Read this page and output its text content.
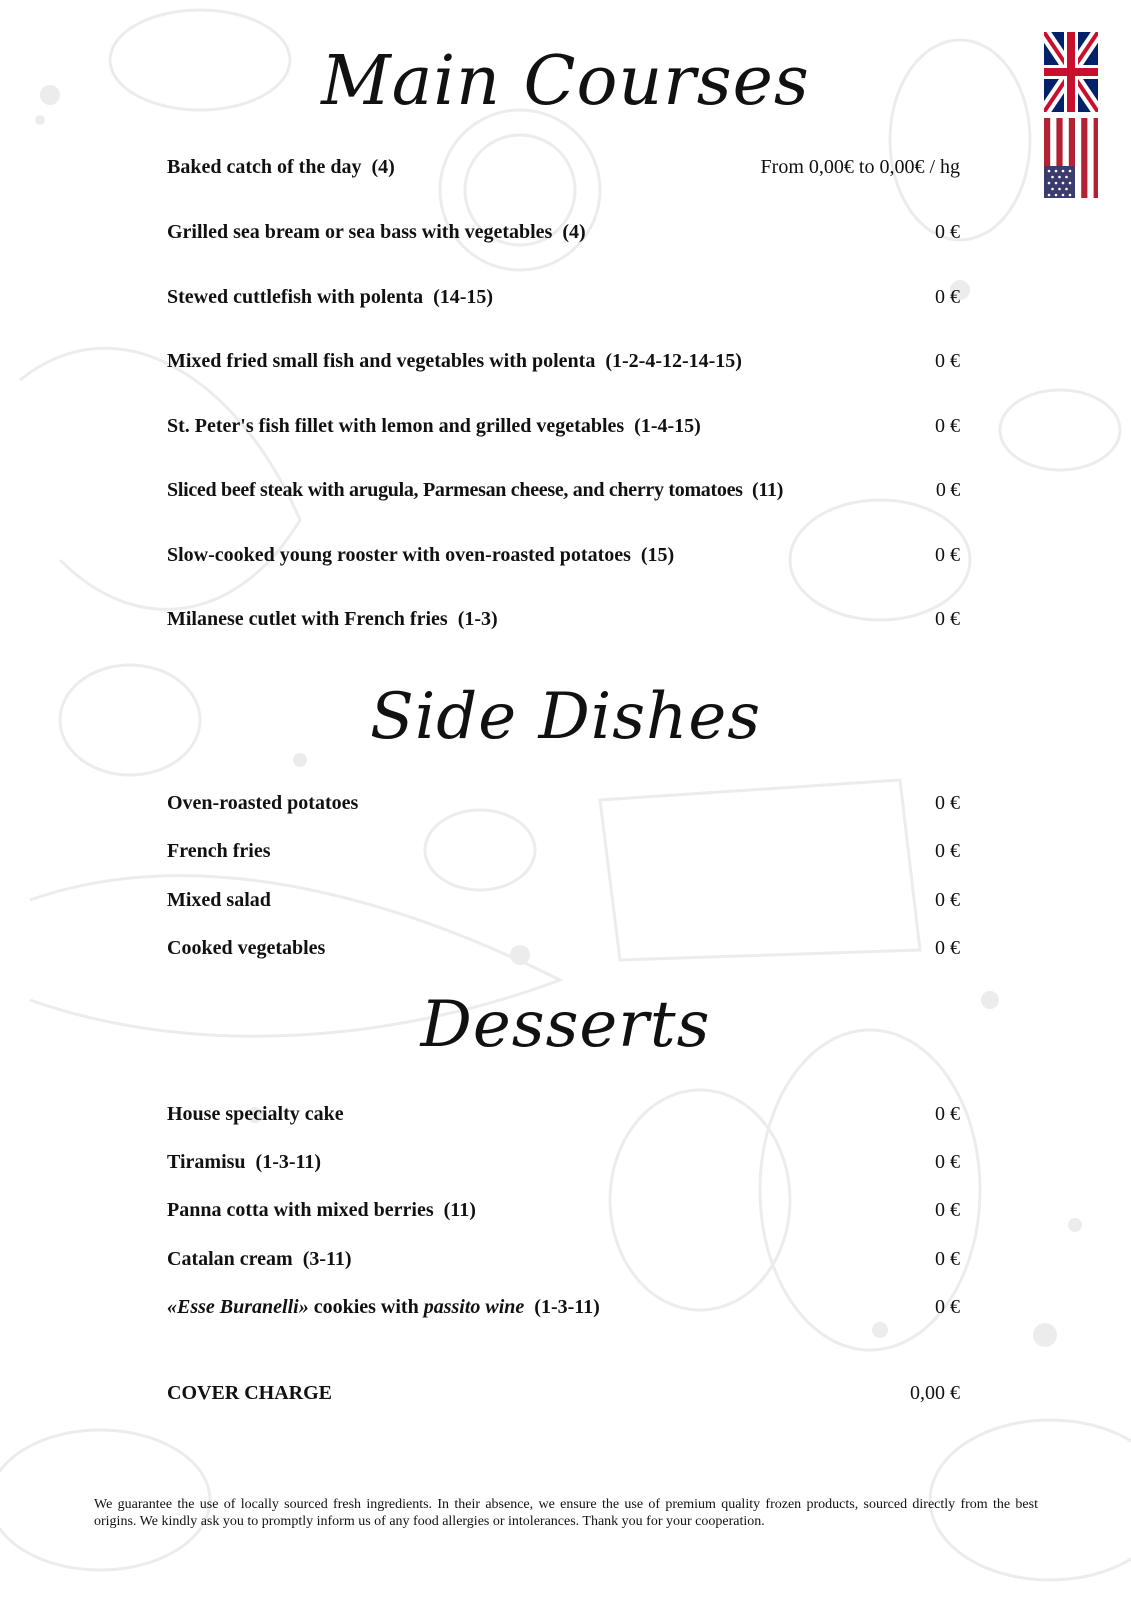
Main Courses
Baked catch of the day (4)	From 0,00€ to 0,00€ / hg
Grilled sea bream or sea bass with vegetables (4)	0 €
Stewed cuttlefish with polenta (14-15)	0 €
Mixed fried small fish and vegetables with polenta (1-2-4-12-14-15)	0 €
St. Peter's fish fillet with lemon and grilled vegetables (1-4-15)	0 €
Sliced beef steak with arugula, Parmesan cheese, and cherry tomatoes (11)	0 €
Slow-cooked young rooster with oven-roasted potatoes (15)	0 €
Milanese cutlet with French fries (1-3)	0 €
Side Dishes
Oven-roasted potatoes	0 €
French fries	0 €
Mixed salad	0 €
Cooked vegetables	0 €
Desserts
House specialty cake	0 €
Tiramisu (1-3-11)	0 €
Panna cotta with mixed berries (11)	0 €
Catalan cream (3-11)	0 €
«Esse Buranelli» cookies with passito wine (1-3-11)	0 €
COVER CHARGE	0,00 €
We guarantee the use of locally sourced fresh ingredients. In their absence, we ensure the use of premium quality frozen products, sourced directly from the best origins. We kindly ask you to promptly inform us of any food allergies or intolerances. Thank you for your cooperation.
